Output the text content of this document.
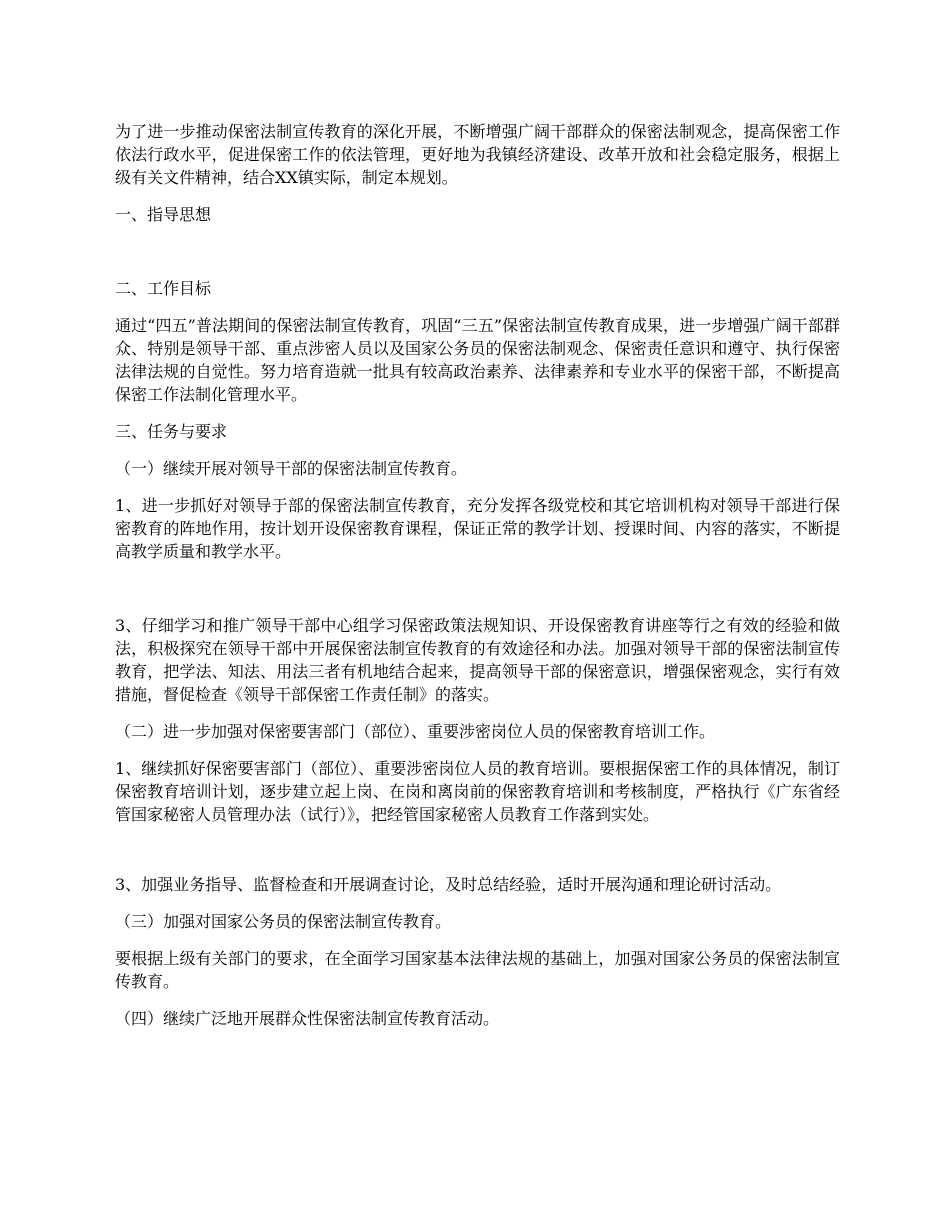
为了进一步推动保密法制宣传教育的深化开展，不断增强广阔干部群众的保密法制观念，提高保密工作依法行政水平，促进保密工作的依法管理，更好地为我镇经济建设、改革开放和社会稳定服务，根据上级有关文件精神，结合XX镇实际，制定本规划。

一、指导思想

二、工作目标

通过“四五”普法期间的保密法制宣传教育，巩固“三五”保密法制宣传教育成果，进一步增强广阔干部群众、特别是领导干部、重点涉密人员以及国家公务员的保密法制观念、保密责任意识和遵守、执行保密法律法规的自觉性。努力培育造就一批具有较高政治素养、法律素养和专业水平的保密干部，不断提高保密工作法制化管理水平。

三、任务与要求

（一）继续开展对领导干部的保密法制宣传教育。

1、进一步抓好对领导于部的保密法制宣传教育，充分发挥各级党校和其它培训机构对领导干部进行保密教育的阵地作用，按计划开设保密教育课程，保证正常的教学计划、授课时间、内容的落实，不断提高教学质量和教学水平。

3、仔细学习和推广领导干部中心组学习保密政策法规知识、开设保密教育讲座等行之有效的经验和做法，积极探究在领导干部中开展保密法制宣传教育的有效途径和办法。加强对领导干部的保密法制宣传教育，把学法、知法、用法三者有机地结合起来，提高领导干部的保密意识，增强保密观念，实行有效措施，督促检查《领导干部保密工作责任制》的落实。

（二）进一步加强对保密要害部门（部位）、重要涉密岗位人员的保密教育培训工作。

1、继续抓好保密要害部门（部位）、重要涉密岗位人员的教育培训。要根据保密工作的具体情况，制订保密教育培训计划，逐步建立起上岗、在岗和离岗前的保密教育培训和考核制度，严格执行《广东省经管国家秘密人员管理办法（试行）》，把经管国家秘密人员教育工作落到实处。

3、加强业务指导、监督检查和开展调查讨论，及时总结经验，适时开展沟通和理论研讨活动。

（三）加强对国家公务员的保密法制宣传教育。

要根据上级有关部门的要求，在全面学习国家基本法律法规的基础上，加强对国家公务员的保密法制宣传教育。

（四）继续广泛地开展群众性保密法制宣传教育活动。
